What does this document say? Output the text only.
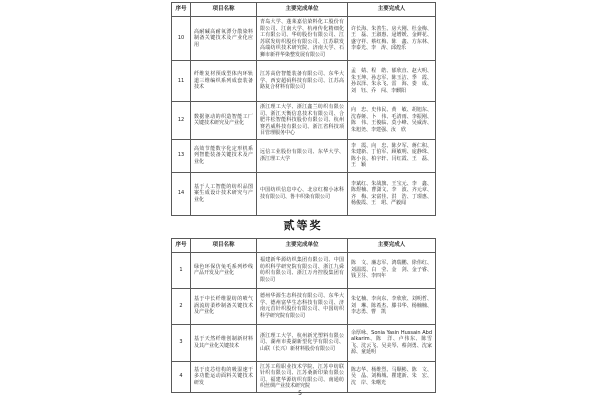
序号	项目名称	主要完成单位	主要完成人
10	高耐碱高耐氧漂分散染料制备关键技术及产业化应用	青岛大学、蓬莱嘉信染料化工股份有限公司、江南大学、杭州传化精细化工有限公司、华纺股份有限公司、江苏联发纺织股份有限公司、江苏联发高端纺织技术研究院、济南大学、石狮市新祥华染整发展有限公司	许长海、朱善生、房大刚、杜金梅、王　磊、王淑惠、逯增媛、金鲜花、盛守祥、蔡红梅、陈　鑫、方东林、李泰光、李　涛、邱煌乐
11	纤维复材预成型体内环轨道三维编织系列成套装备技术	江苏高倍智能装备有限公司、东华大学、西安超码科技有限公司、江苏高路复合材料有限公司	孟　婧、程　皓、郁欣直、赵大明、朱玉坤、孙志军、陈玉洁、季　霞、孙以泽、朱永飞、雷　海、娄　成、刘　钰、乔　闯、李麒阳
12	数据驱动的织造智能工厂关键技术研究及产业化	浙江理工大学、浙江鑫兰纺织有限公司、浙江天衡信息技术有限公司、合肥井松智能科技股份有限公司、杭州赛若威科技有限公司、浙江省科技项目管理服务中心	向　忠、史伟民、黄　敏、胡旭东、沈春娅、卜　伟、毛清雨、李振刚、陈　伟、王俊临、莫小峰、吴威涛、朱旭尧、李建强、汝　欣
13	高效节能数字化定形机系列智能装备关键技术及产业化	远信工业股份有限公司、东华大学、浙江理工大学	李　霞、向　忠、陈夕军、蒋仁积、朱建新、丁伯军、顾敏明、庞静珠、陈小良、柏宇轩、闫红霞、王　磊、王　颖
14	基于人工智能的纺织品图案生成设计技术研究与产业化	中国纺织信息中心、北京红棉小冰科技有限公司、鲁丰织染有限公司	李斌红、朱战旗、王宝元、李　鑫、陈煜楠、曹潇文、李　波、齐元章、齐　梅、宋富佳、洪　浩、丁璟惠、杨俊霞、王　珺、严毅闻
贰等奖
序号	项目名称	主要完成单位	主要完成人
1	绿色环保仿兔毛系列纱线产品开发及产业化	福建新华源纺织集团有限公司、中国纺织科学研究院有限公司、浙江九舜纺织有限公司、浙江万舟控股集团有限公司	陈　文、廉志军、鸿瑞鹏、徐伟红、刘温霞、白　莹、金　剑、金子睿、钱卫芬、李四年
2	基于中长纤维混纺的喷气涡流纺柔纱制备关键技术及产业化	德州华源生态科技有限公司、东华大学、德州富华生态科技有限公司、济南元首针织股份有限公司、中国纺织科学研究院有限公司	朱亿楠、李向东、李欣欣、刘明哲、刘　琳、陈希杰、滕书华、杨楠楠、李志勇、曹　凯
3	基于天然纤维创制新材料及其产业化关键技术	浙江理工大学、杭州新光塑料有限公司、湖州市菱湖新望化学有限公司、山联（长兴）新材料股份有限公司	余厚咏、Sonia Yasin Hussain Abdalkarim、陈　洋、卢伟东、陈雪飞、沈云飞、吴美琴、蔡剑勇、沈家源、童延明
4	基于皮芯结构的吸湿速干多功能运动面料关键技术研发	江苏工程职业技术学院、江苏中纺联针织有限公司、江苏桑新印染有限公司、福建华源纺织有限公司、南通纺织丝绸产业技术研究院	陈志华、杨维烈、马顺彬、陈　文、吴　晶、刘梅城、瞿建新、朱　宏、沈　岸、朱曙光
5
